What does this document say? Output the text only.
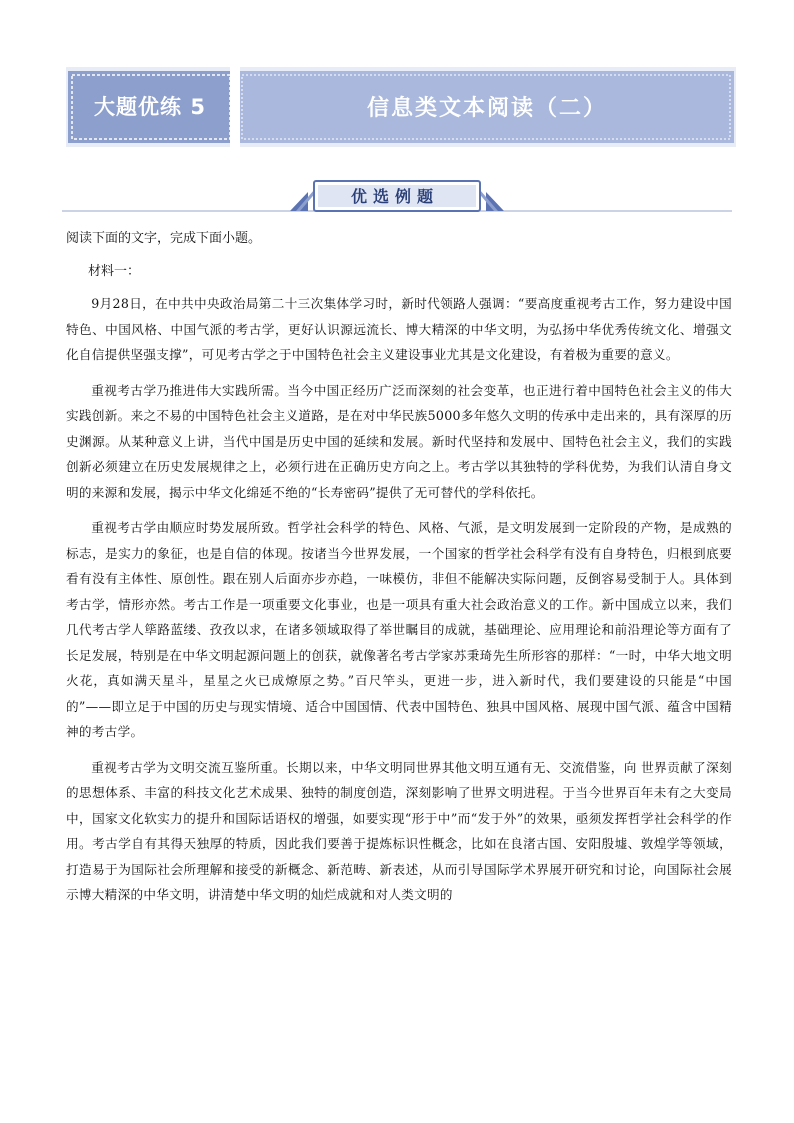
大题优练 5	信息类文本阅读（二）
优选例题
阅读下面的文字，完成下面小题。
材料一：

9月28日，在中共中央政治局第二十三次集体学习时，新时代领路人强调：“要高度重视考古工作，努力建设中国特色、中国风格、中国气派的考古学，更好认识源远流长、博大精深的中华文明，为弘扬中华优秀传统文化、增强文化自信提供坚强支撑”，可见考古学之于中国特色社会主义建设事业尤其是文化建设，有着极为重要的意义。

重视考古学乃推进伟大实践所需。当今中国正经历广泛而深刻的社会变革，也正进行着中国特色社会主义的伟大实践创新。来之不易的中国特色社会主义道路，是在对中华民族5000多年悠久文明的传承中走出来的，具有深厚的历史渊源。从某种意义上讲，当代中国是历史中国的延续和发展。新时代坚持和发展中、国特色社会主义，我们的实践创新必须建立在历史发展规律之上，必须行进在正确历史方向之上。考古学以其独特的学科优势，为我们认清自身文明的来源和发展，揭示中华文化绵延不绝的“长寿密码”提供了无可替代的学科依托。

重视考古学由顺应时势发展所致。哲学社会科学的特色、风格、气派，是文明发展到一定阶段的产物，是成熟的标志，是实力的象征，也是自信的体现。按诸当今世界发展，一个国家的哲学社会科学有没有自身特色，归根到底要看有没有主体性、原创性。跟在别人后面亦步亦趋，一味模仿，非但不能解决实际问题，反倒容易受制于人。具体到考古学，情形亦然。考古工作是一项重要文化事业，也是一项具有重大社会政治意义的工作。新中国成立以来，我们几代考古学人筚路蓝缕、孜孜以求，在诸多领域取得了举世瞩目的成就，基础理论、应用理论和前沿理论等方面有了长足发展，特别是在中华文明起源问题上的创获，就像著名考古学家苏秉琦先生所形容的那样：“一时，中华大地文明火花，真如满天星斗，星星之火已成燎原之势。”百尺竿头，更进一步，进入新时代，我们要建设的只能是“中国的”——即立足于中国的历史与现实情境、适合中国国情、代表中国特色、独具中国风格、展现中国气派、蕴含中国精神的考古学。

重视考古学为文明交流互鉴所重。长期以来，中华文明同世界其他文明互通有无、交流借鉴，向 世界贡献了深刻的思想体系、丰富的科技文化艺术成果、独特的制度创造，深刻影响了世界文明进程。于当今世界百年未有之大变局中，国家文化软实力的提升和国际话语权的增强，如要实现“形于中”而“发于外”的效果，亟须发挥哲学社会科学的作用。考古学自有其得天独厚的特质，因此我们要善于提炼标识性概念，比如在良渚古国、安阳殷墟、敦煌学等领域，打造易于为国际社会所理解和接受的新概念、新范畴、新表述，从而引导国际学术界展开研究和讨论，向国际社会展示博大精深的中华文明，讲清楚中华文明的灿烂成就和对人类文明的
